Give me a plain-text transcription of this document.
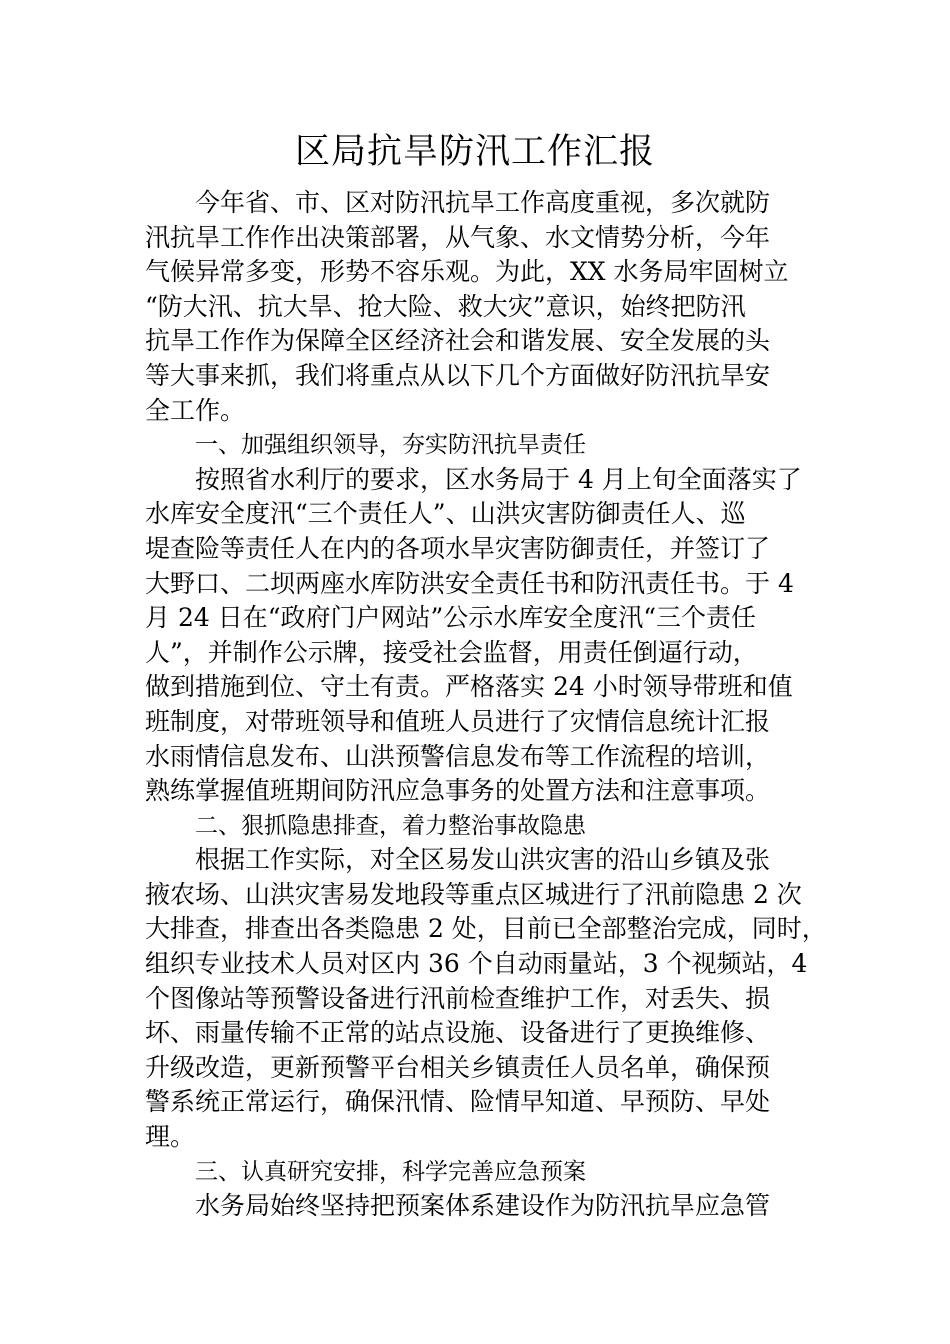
区局抗旱防汛工作汇报
今年省、市、区对防汛抗旱工作高度重视，多次就防
汛抗旱工作作出决策部署，从气象、水文情势分析，今年
气候异常多变，形势不容乐观。为此，XX 水务局牢固树立
“防大汛、抗大旱、抢大险、救大灾”意识，始终把防汛
抗旱工作作为保障全区经济社会和谐发展、安全发展的头
等大事来抓，我们将重点从以下几个方面做好防汛抗旱安
全工作。
一、加强组织领导，夯实防汛抗旱责任
按照省水利厅的要求，区水务局于 4 月上旬全面落实了
水库安全度汛“三个责任人”、山洪灾害防御责任人、巡
堤查险等责任人在内的各项水旱灾害防御责任，并签订了
大野口、二坝两座水库防洪安全责任书和防汛责任书。于 4
月 24 日在“政府门户网站”公示水库安全度汛“三个责任
人”，并制作公示牌，接受社会监督，用责任倒逼行动，
做到措施到位、守土有责。严格落实 24 小时领导带班和值
班制度，对带班领导和值班人员进行了灾情信息统计汇报
水雨情信息发布、山洪预警信息发布等工作流程的培训，
熟练掌握值班期间防汛应急事务的处置方法和注意事项。
二、狠抓隐患排查，着力整治事故隐患
根据工作实际，对全区易发山洪灾害的沿山乡镇及张
掖农场、山洪灾害易发地段等重点区城进行了汛前隐患 2 次
大排查，排查出各类隐患 2 处，目前已全部整治完成，同时，
组织专业技术人员对区内 36 个自动雨量站，3 个视频站，4
个图像站等预警设备进行汛前检查维护工作，对丢失、损
坏、雨量传输不正常的站点设施、设备进行了更换维修、
升级改造，更新预警平台相关乡镇责任人员名单，确保预
警系统正常运行，确保汛情、险情早知道、早预防、早处
理。
三、认真研究安排，科学完善应急预案
水务局始终坚持把预案体系建设作为防汛抗旱应急管
